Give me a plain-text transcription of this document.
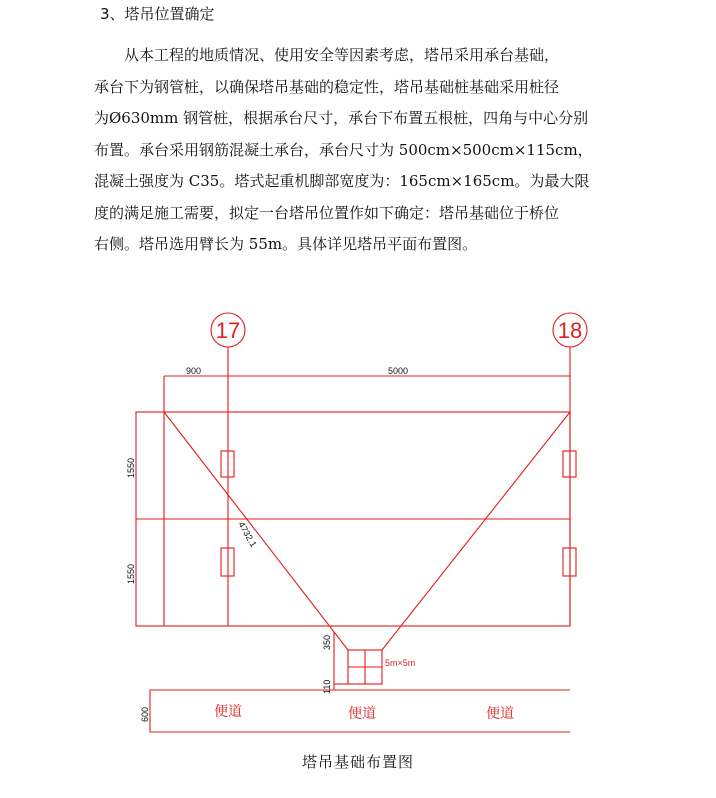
3、塔吊位置确定
从本工程的地质情况、使用安全等因素考虑，塔吊采用承台基础，
承台下为钢管桩，以确保塔吊基础的稳定性，塔吊基础桩基础采用桩径
为Ø630mm 钢管桩，根据承台尺寸，承台下布置五根桩，四角与中心分别
布置。承台采用钢筋混凝土承台，承台尺寸为 500cm×500cm×115cm，
混凝土强度为 C35。塔式起重机脚部宽度为：165cm×165cm。为最大限
度的满足施工需要，拟定一台塔吊位置作如下确定：塔吊基础位于桥位
右侧。塔吊选用臂长为 55m。具体详见塔吊平面布置图。
900	5000
1550
1550
4732.1
350
110
600
17	18
5m×5m
便道	便道	便道
塔吊基础布置图
